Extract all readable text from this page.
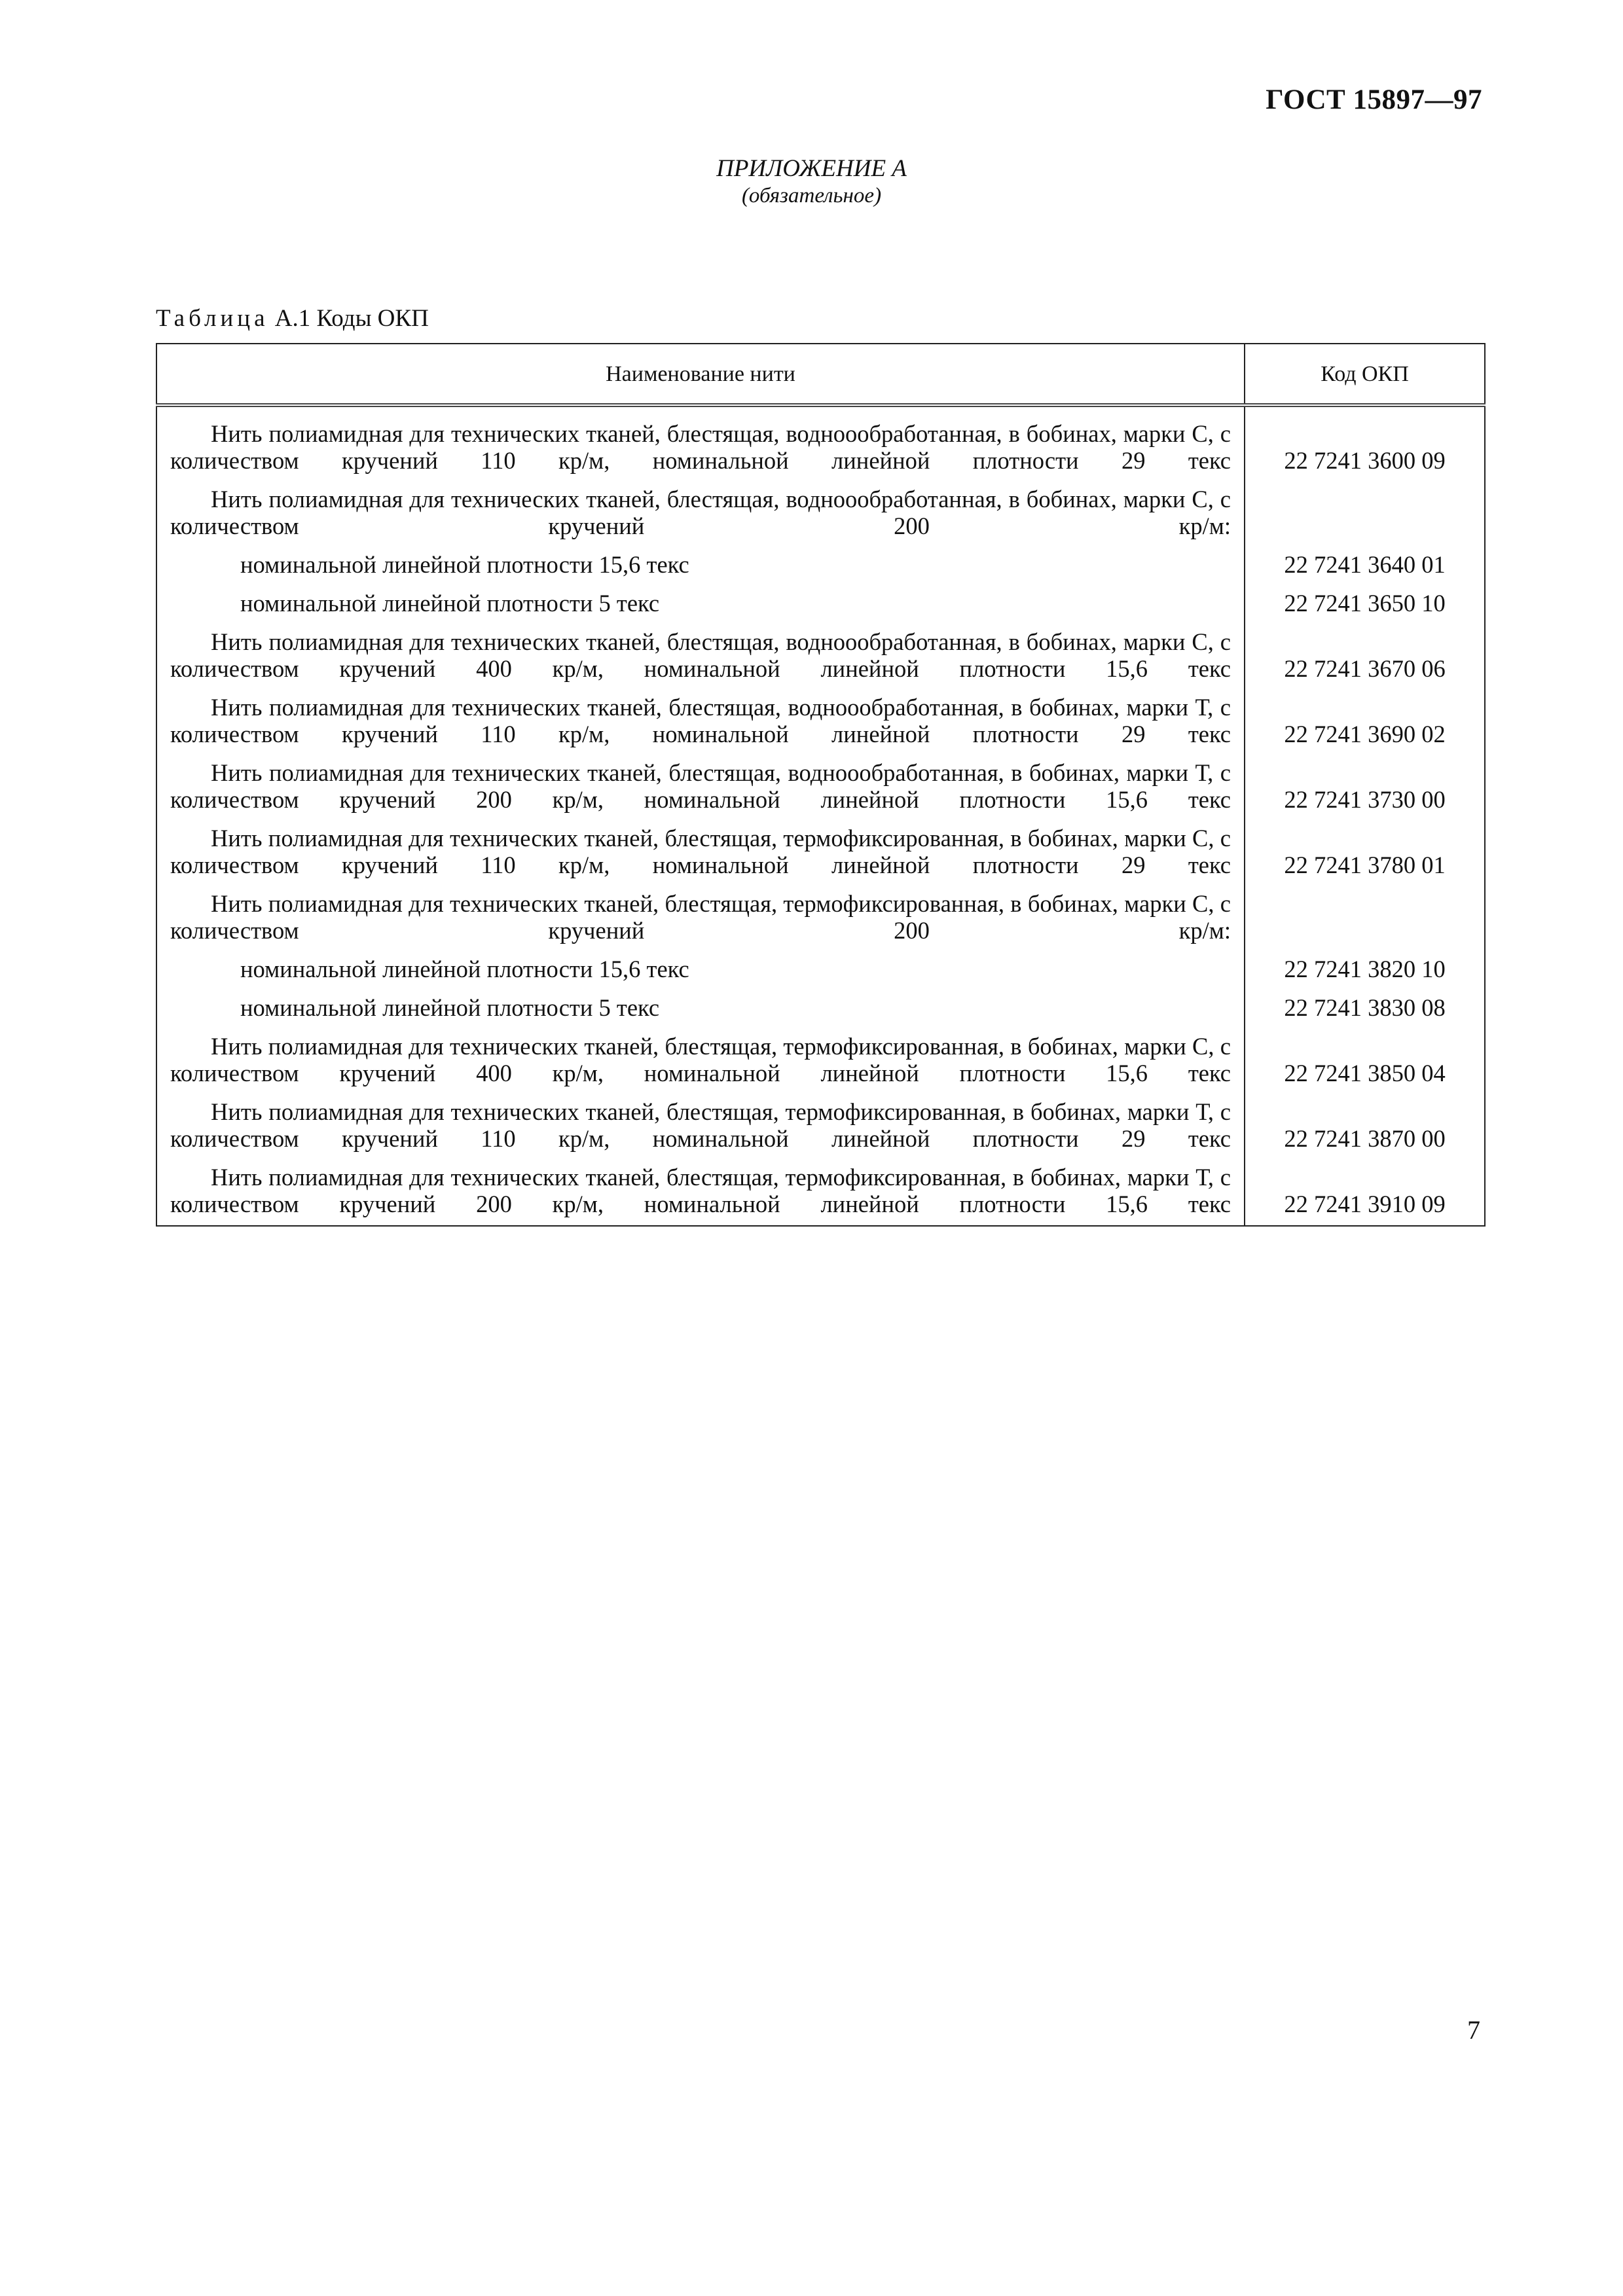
ГОСТ 15897—97
ПРИЛОЖЕНИЕ А
(обязательное)
Таблица А.1 Коды ОКП
Наименование нити	Код ОКП
Нить полиамидная для технических тканей, блестящая, водноообработанная, в бобинах, марки С, с количеством кручений 110 кр/м, номинальной линейной плотности 29 текс	22 7241 3600 09
Нить полиамидная для технических тканей, блестящая, водноообработанная, в бобинах, марки С, с количеством кручений 200 кр/м:	
номинальной линейной плотности 15,6 текс	22 7241 3640 01
номинальной линейной плотности 5 текс	22 7241 3650 10
Нить полиамидная для технических тканей, блестящая, водноообработанная, в бобинах, марки С, с количеством кручений 400 кр/м, номинальной линейной плотности 15,6 текс	22 7241 3670 06
Нить полиамидная для технических тканей, блестящая, водноообработанная, в бобинах, марки Т, с количеством кручений 110 кр/м, номинальной линейной плотности 29 текс	22 7241 3690 02
Нить полиамидная для технических тканей, блестящая, водноообработанная, в бобинах, марки Т, с количеством кручений 200 кр/м, номинальной линейной плотности 15,6 текс	22 7241 3730 00
Нить полиамидная для технических тканей, блестящая, термофиксированная, в бобинах, марки С, с количеством кручений 110 кр/м, номинальной линейной плотности 29 текс	22 7241 3780 01
Нить полиамидная для технических тканей, блестящая, термофиксированная, в бобинах, марки С, с количеством кручений 200 кр/м:	
номинальной линейной плотности 15,6 текс	22 7241 3820 10
номинальной линейной плотности 5 текс	22 7241 3830 08
Нить полиамидная для технических тканей, блестящая, термофиксированная, в бобинах, марки С, с количеством кручений 400 кр/м, номинальной линейной плотности 15,6 текс	22 7241 3850 04
Нить полиамидная для технических тканей, блестящая, термофиксированная, в бобинах, марки Т, с количеством кручений 110 кр/м, номинальной линейной плотности 29 текс	22 7241 3870 00
Нить полиамидная для технических тканей, блестящая, термофиксированная, в бобинах, марки Т, с количеством кручений 200 кр/м, номинальной линейной плотности 15,6 текс	22 7241 3910 09
7
